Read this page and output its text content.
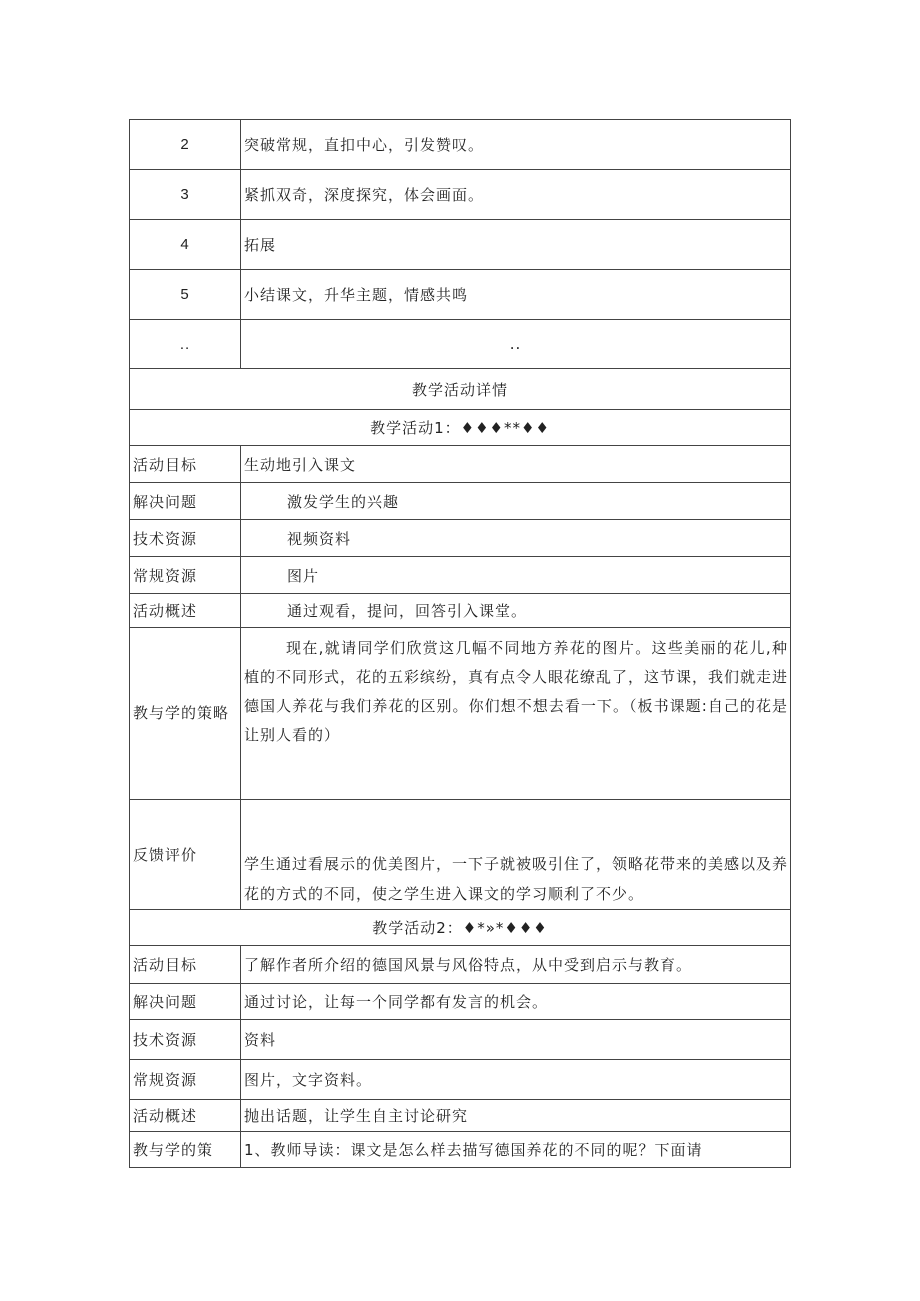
2	突破常规，直扣中心，引发赞叹。
3	紧抓双奇，深度探究，体会画面。
4	拓展
5	小结课文，升华主题，情感共鸣
..	..
教学活动详情	
教学活动1：♦♦♦**♦♦	
活动目标	生动地引入课文
解决问题	激发学生的兴趣
技术资源	视频资料
常规资源	图片
活动概述	通过观看，提问，回答引入课堂。
教与学的策略	现在,就请同学们欣赏这几幅不同地方养花的图片。这些美丽的花儿,种植的不同形式，花的五彩缤纷，真有点令人眼花缭乱了，这节课，我们就走进德国人养花与我们养花的区别。你们想不想去看一下。（板书课题:自己的花是让别人看的）

反馈评价	学生通过看展示的优美图片，一下子就被吸引住了，领略花带来的美感以及养花的方式的不同，使之学生进入课文的学习顺利了不少。
教学活动2：♦*»*♦♦♦	
活动目标	了解作者所介绍的德国风景与风俗特点，从中受到启示与教育。
解决问题	通过讨论，让每一个同学都有发言的机会。
技术资源	资料
常规资源	图片，文字资料。
活动概述	抛出话题，让学生自主讨论研究
教与学的策	1、教师导读：课文是怎么样去描写德国养花的不同的呢？下面请
